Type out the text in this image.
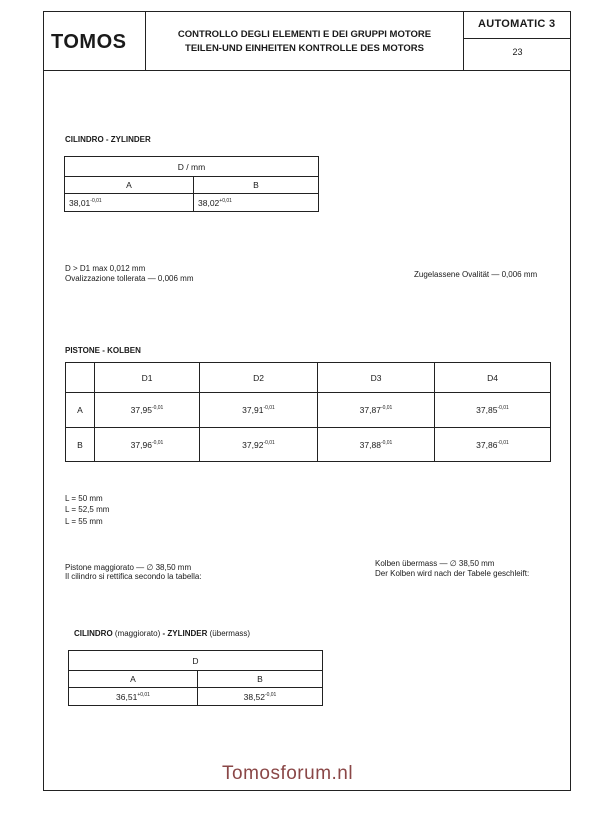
TOMOS	CONTROLLO DEGLI ELEMENTI E DEI GRUPPI MOTORE
TEILEN-UND EINHEITEN KONTROLLE DES MOTORS
AUTOMATIC 3
23
CILINDRO - ZYLINDER
D / mm	
A	B
$38,01^{-0,01}$	$38,02^{+0,01}$
D > D1 max 0,012 mm
Ovalizzazione tollerata — 0,006 mm	Zugelassene Ovalität — 0,006 mm
PISTONE - KOLBEN
	D1	D2	D3	D4
A	$37,95^{-0,01}$	$37,91^{-0,01}$	$37,87^{-0,01}$	$37,85^{-0,01}$
B	$37,96^{-0,01}$	$37,92^{-0,01}$	$37,88^{-0,01}$	$37,86^{-0,01}$
L = 50 mm
L = 52,5 mm
L = 55 mm
Pistone maggiorato — ∅ 38,50 mm
Il cilindro si rettifica secondo la tabella:
Kolben übermass — ∅ 38,50 mm
Der Kolben wird nach der Tabele geschleift:
CILINDRO (maggiorato) - ZYLINDER (übermass)
D	
A	B
$36,51^{+0,01}$	$38,52^{-0,01}$
Tomosforum.nl
